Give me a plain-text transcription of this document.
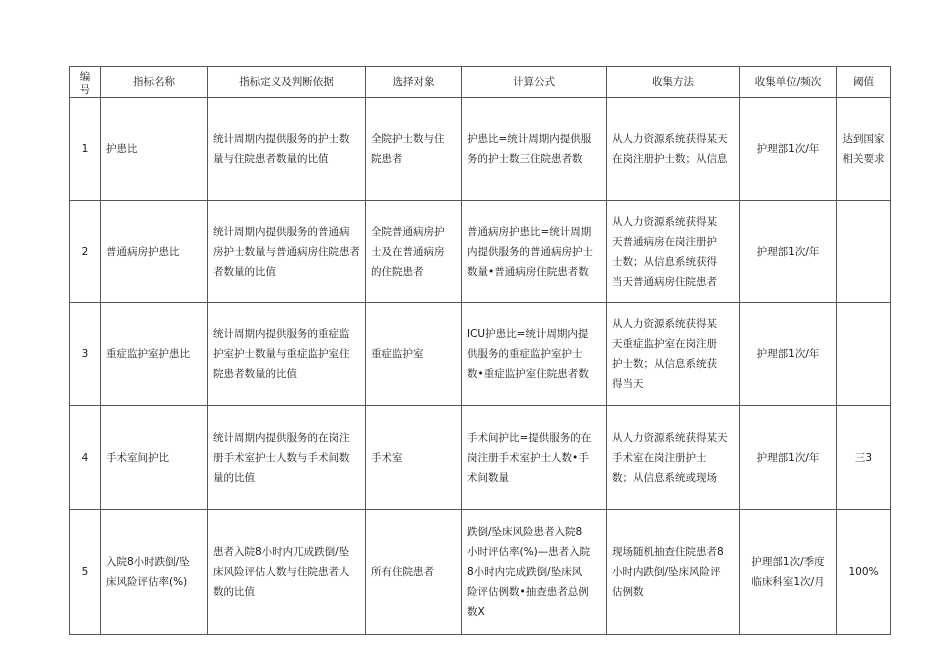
编号	指标名称	指标定义及判断依据	选择对象	计算公式	收集方法	收集单位/频次	阈值
1	护患比	统计周期内提供服务的护士数
量与住院患者数量的比值	全院护士数与住
院患者	护患比=统计周期内提供服
务的护士数三住院患者数	从人力资源系统获得某天
在岗注册护士数；从信息	护理部1次/年	达到国家
相关要求

2	普通病房护患比	统计周期内提供服务的普通病
房护士数量与普通病房住院患者
者数量的比值	全院普通病房护
士及在普通病房
的住院患者	普通病房护患比=统计周期
内提供服务的普通病房护士
数量•普通病房住院患者数	从人力资源系统获得某
天普通病房在岗注册护
士数；从信息系统获得
当天普通病房住院患者	护理部1次/年	

3	重症监护室护患比	统计周期内提供服务的重症监
护室护士数量与重症监护室住
院患者数量的比值	重症监护室	ICU护患比=统计周期内提
供服务的重症监护室护士
数•重症监护室住院患者数	从人力资源系统获得某
天重症监护室在岗注册
护士数；从信息系统获
得当天	护理部1次/年	

4	手术室间护比	统计周期内提供服务的在岗注
册手术室护士人数与手术间数
量的比值	手术室	手术间护比=提供服务的在
岗注册手术室护士人数•手
术间数量	从人力资源系统获得某天
手术室在岗注册护士
数；从信息系统或现场	护理部1次/年	三3

5	入院8小时跌倒/坠
床风险评估率(%)	患者入院8小时内兀成跌倒/坠
床风险评估人数与住院患者人
数的比值	所有住院患者	跌倒/坠床风险患者入院8
小时评估率(%)—患者入院
8小时内完成跌倒/坠床风
险评估例数•抽查患者总例
数X	现场随机抽查住院患者8
小时内跌倒/坠床风险评
估例数	护理部1次/季度
临床科室1次/月	100%
